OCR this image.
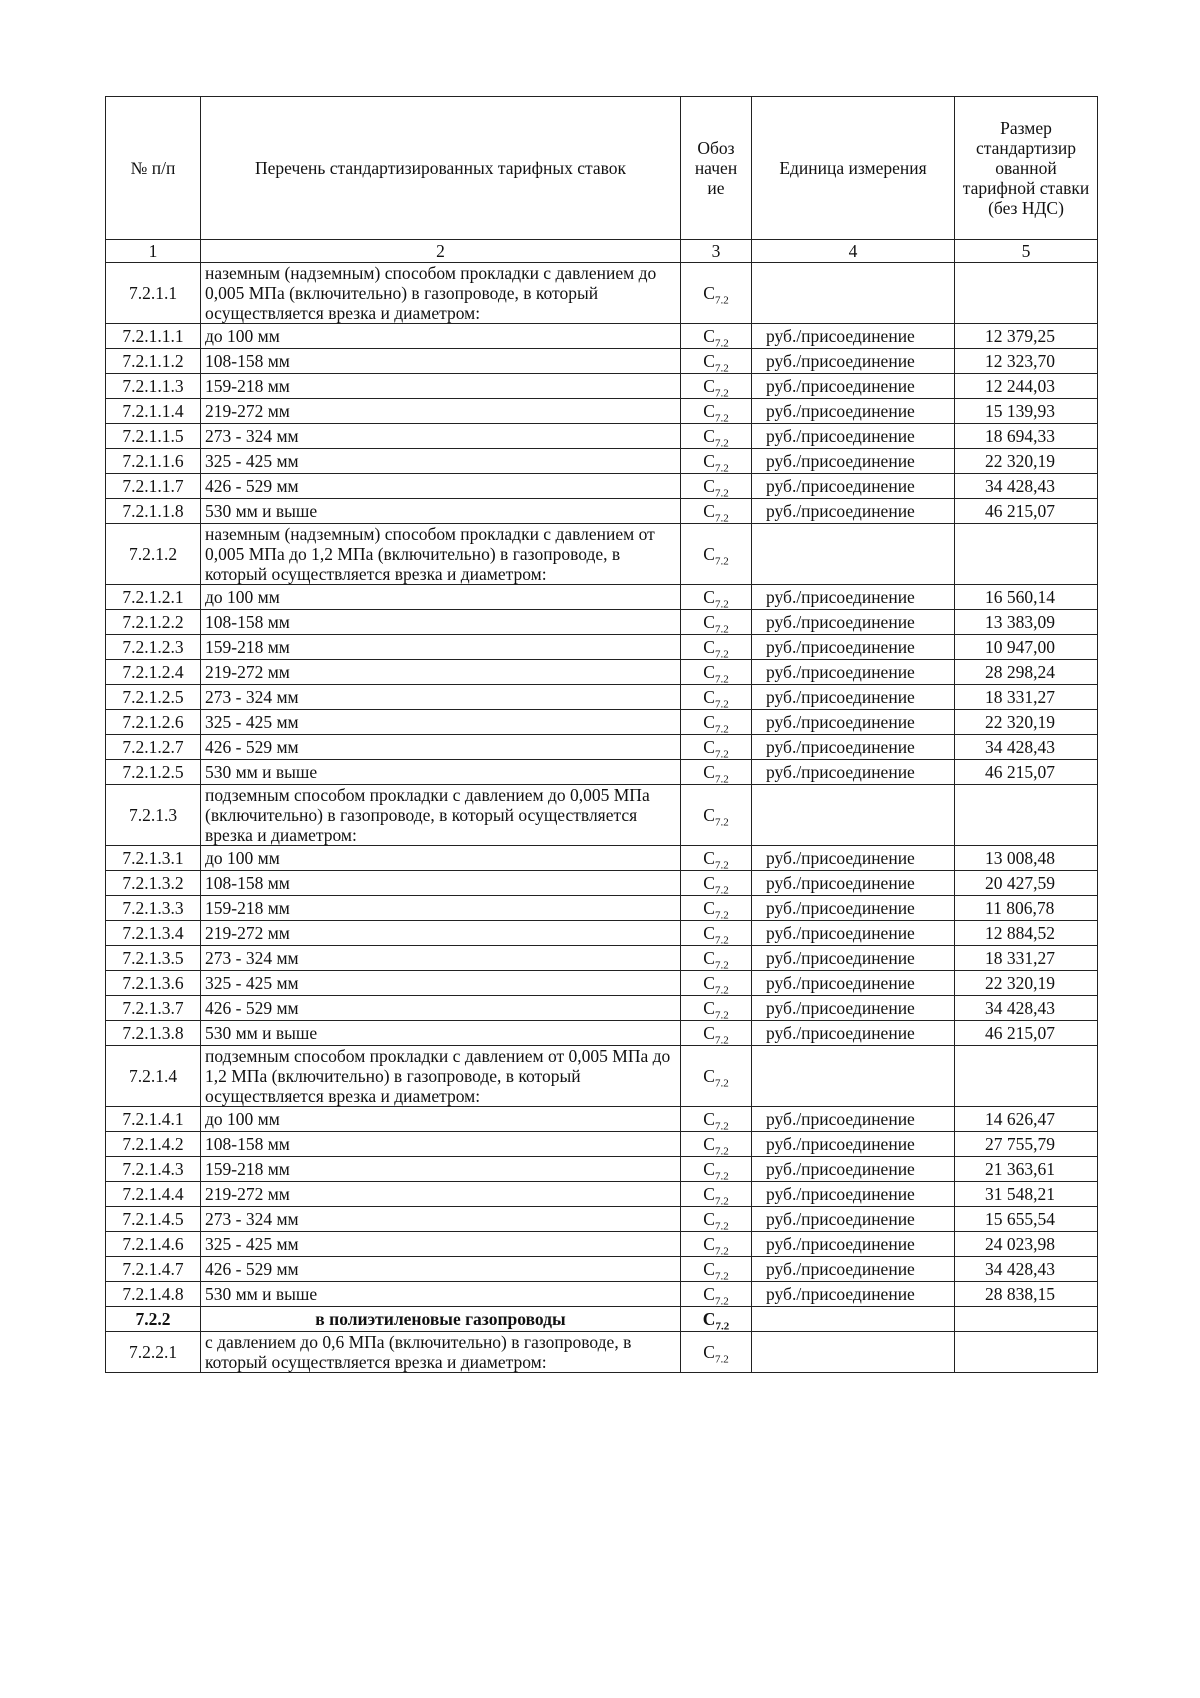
№ п/п	Перечень стандартизированных тарифных ставок	Обоз начен ие	Единица измерения	Размер стандартизир ованной тарифной ставки (без НДС)
1	2	3	4	5
7.2.1.1	наземным (надземным) способом прокладки с давлением до 0,005 МПа (включительно) в газопроводе, в который осуществляется врезка и диаметром:	$C_{7.2}$		
7.2.1.1.1	до 100 мм	$C_{7.2}$	руб./присоединение	12 379,25
7.2.1.1.2	108-158 мм	$C_{7.2}$	руб./присоединение	12 323,70
7.2.1.1.3	159-218 мм	$C_{7.2}$	руб./присоединение	12 244,03
7.2.1.1.4	219-272 мм	$C_{7.2}$	руб./присоединение	15 139,93
7.2.1.1.5	273 - 324 мм	$C_{7.2}$	руб./присоединение	18 694,33
7.2.1.1.6	325 - 425 мм	$C_{7.2}$	руб./присоединение	22 320,19
7.2.1.1.7	426 - 529 мм	$C_{7.2}$	руб./присоединение	34 428,43
7.2.1.1.8	530 мм и выше	$C_{7.2}$	руб./присоединение	46 215,07
7.2.1.2	наземным (надземным) способом прокладки с давлением от 0,005 МПа до 1,2 МПа (включительно) в газопроводе, в который осуществляется врезка и диаметром:	$C_{7.2}$		
7.2.1.2.1	до 100 мм	$C_{7.2}$	руб./присоединение	16 560,14
7.2.1.2.2	108-158 мм	$C_{7.2}$	руб./присоединение	13 383,09
7.2.1.2.3	159-218 мм	$C_{7.2}$	руб./присоединение	10 947,00
7.2.1.2.4	219-272 мм	$C_{7.2}$	руб./присоединение	28 298,24
7.2.1.2.5	273 - 324 мм	$C_{7.2}$	руб./присоединение	18 331,27
7.2.1.2.6	325 - 425 мм	$C_{7.2}$	руб./присоединение	22 320,19
7.2.1.2.7	426 - 529 мм	$C_{7.2}$	руб./присоединение	34 428,43
7.2.1.2.5	530 мм и выше	$C_{7.2}$	руб./присоединение	46 215,07
7.2.1.3	подземным способом прокладки с давлением до 0,005 МПа (включительно) в газопроводе, в который осуществляется врезка и диаметром:	$C_{7.2}$		
7.2.1.3.1	до 100 мм	$C_{7.2}$	руб./присоединение	13 008,48
7.2.1.3.2	108-158 мм	$C_{7.2}$	руб./присоединение	20 427,59
7.2.1.3.3	159-218 мм	$C_{7.2}$	руб./присоединение	11 806,78
7.2.1.3.4	219-272 мм	$C_{7.2}$	руб./присоединение	12 884,52
7.2.1.3.5	273 - 324 мм	$C_{7.2}$	руб./присоединение	18 331,27
7.2.1.3.6	325 - 425 мм	$C_{7.2}$	руб./присоединение	22 320,19
7.2.1.3.7	426 - 529 мм	$C_{7.2}$	руб./присоединение	34 428,43
7.2.1.3.8	530 мм и выше	$C_{7.2}$	руб./присоединение	46 215,07
7.2.1.4	подземным способом прокладки с давлением от 0,005 МПа до 1,2 МПа (включительно) в газопроводе, в который осуществляется врезка и диаметром:	$C_{7.2}$		
7.2.1.4.1	до 100 мм	$C_{7.2}$	руб./присоединение	14 626,47
7.2.1.4.2	108-158 мм	$C_{7.2}$	руб./присоединение	27 755,79
7.2.1.4.3	159-218 мм	$C_{7.2}$	руб./присоединение	21 363,61
7.2.1.4.4	219-272 мм	$C_{7.2}$	руб./присоединение	31 548,21
7.2.1.4.5	273 - 324 мм	$C_{7.2}$	руб./присоединение	15 655,54
7.2.1.4.6	325 - 425 мм	$C_{7.2}$	руб./присоединение	24 023,98
7.2.1.4.7	426 - 529 мм	$C_{7.2}$	руб./присоединение	34 428,43
7.2.1.4.8	530 мм и выше	$C_{7.2}$	руб./присоединение	28 838,15
7.2.2	в полиэтиленовые газопроводы	$C_{7.2}$		
7.2.2.1	с давлением до 0,6 МПа (включительно) в газопроводе, в который осуществляется врезка и диаметром:	$C_{7.2}$		
